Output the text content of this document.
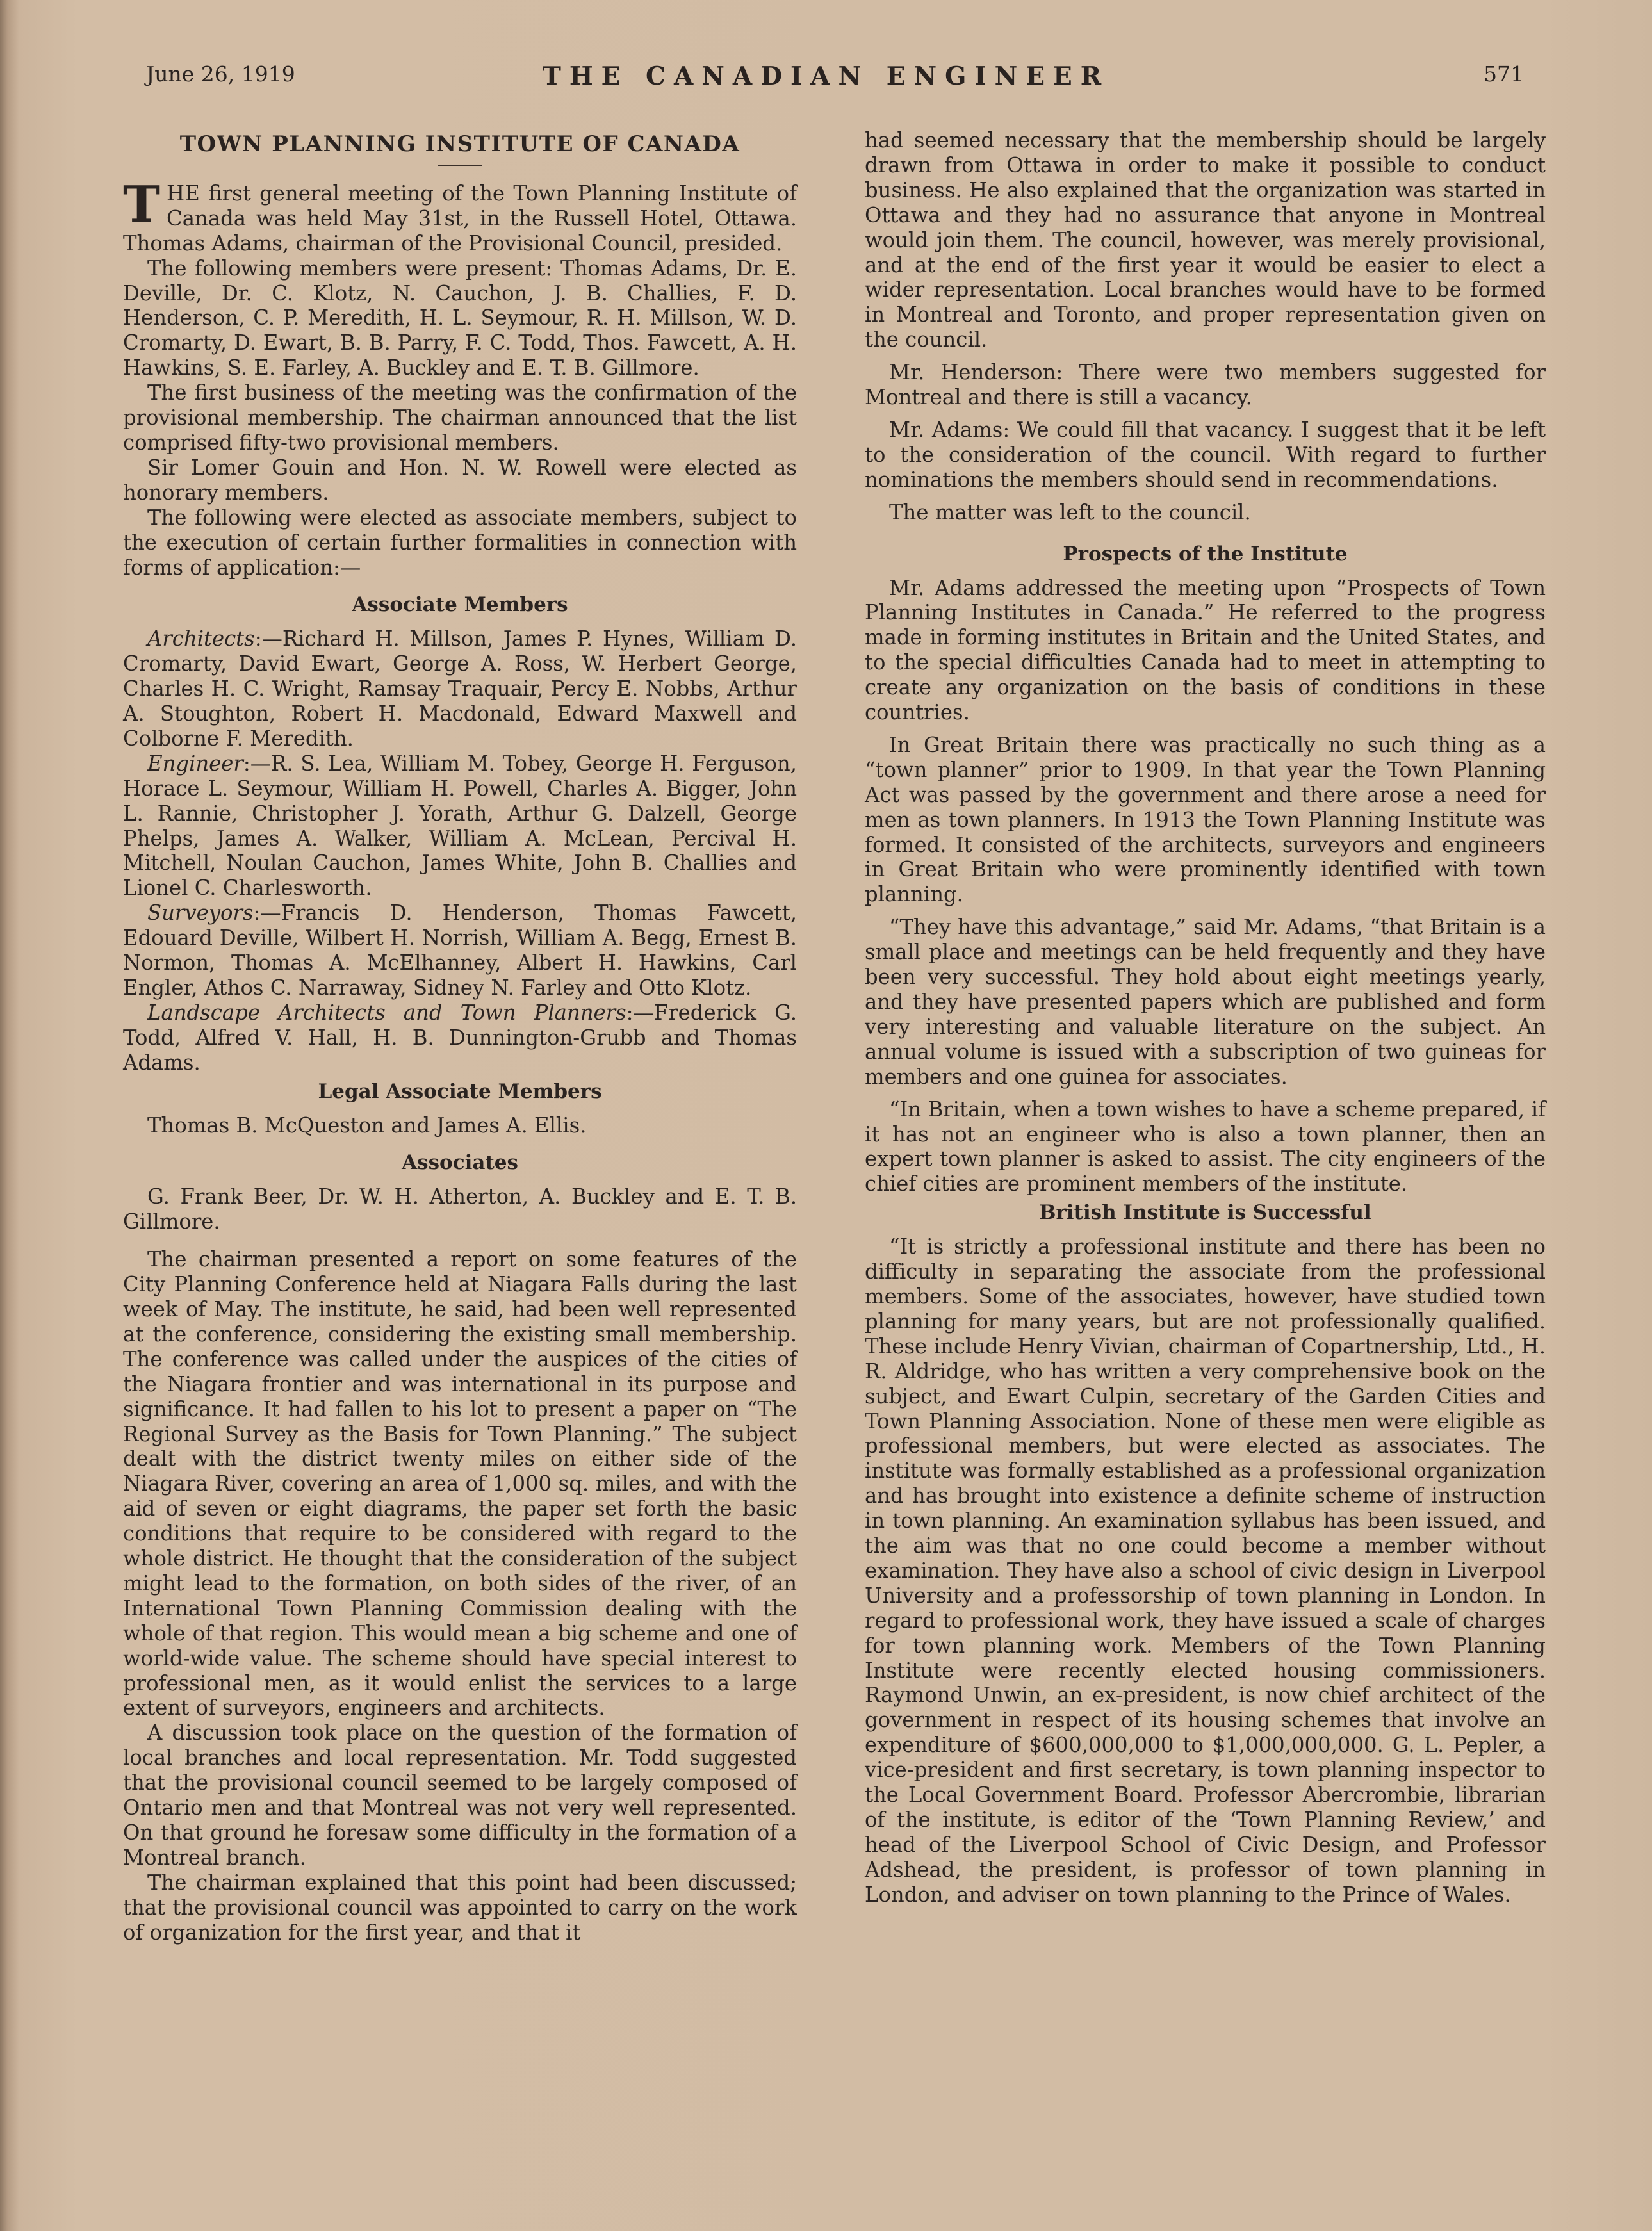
June 26, 1919	THE CANADIAN ENGINEER	571
TOWN PLANNING INSTITUTE OF CANADA

THE first general meeting of the Town Planning Institute of Canada was held May 31st, in the Russell Hotel, Ottawa. Thomas Adams, chairman of the Provisional Council, presided.

The following members were present: Thomas Adams, Dr. E. Deville, Dr. C. Klotz, N. Cauchon, J. B. Challies, F. D. Henderson, C. P. Meredith, H. L. Seymour, R. H. Millson, W. D. Cromarty, D. Ewart, B. B. Parry, F. C. Todd, Thos. Fawcett, A. H. Hawkins, S. E. Farley, A. Buckley and E. T. B. Gillmore.

The first business of the meeting was the confirmation of the provisional membership. The chairman announced that the list comprised fifty-two provisional members.

Sir Lomer Gouin and Hon. N. W. Rowell were elected as honorary members.

The following were elected as associate members, subject to the execution of certain further formalities in connection with forms of application:—

Associate Members

Architects:—Richard H. Millson, James P. Hynes, William D. Cromarty, David Ewart, George A. Ross, W. Herbert George, Charles H. C. Wright, Ramsay Traquair, Percy E. Nobbs, Arthur A. Stoughton, Robert H. Macdonald, Edward Maxwell and Colborne F. Meredith.

Engineer:—R. S. Lea, William M. Tobey, George H. Ferguson, Horace L. Seymour, William H. Powell, Charles A. Bigger, John L. Rannie, Christopher J. Yorath, Arthur G. Dalzell, George Phelps, James A. Walker, William A. McLean, Percival H. Mitchell, Noulan Cauchon, James White, John B. Challies and Lionel C. Charlesworth.

Surveyors:—Francis D. Henderson, Thomas Fawcett, Edouard Deville, Wilbert H. Norrish, William A. Begg, Ernest B. Normon, Thomas A. McElhanney, Albert H. Hawkins, Carl Engler, Athos C. Narraway, Sidney N. Farley and Otto Klotz.

Landscape Architects and Town Planners:—Frederick G. Todd, Alfred V. Hall, H. B. Dunnington-Grubb and Thomas Adams.

Legal Associate Members

Thomas B. McQueston and James A. Ellis.

Associates

G. Frank Beer, Dr. W. H. Atherton, A. Buckley and E. T. B. Gillmore.

The chairman presented a report on some features of the City Planning Conference held at Niagara Falls during the last week of May. The institute, he said, had been well represented at the conference, considering the existing small membership. The conference was called under the auspices of the cities of the Niagara frontier and was international in its purpose and significance. It had fallen to his lot to present a paper on “The Regional Survey as the Basis for Town Planning.” The subject dealt with the district twenty miles on either side of the Niagara River, covering an area of 1,000 sq. miles, and with the aid of seven or eight diagrams, the paper set forth the basic conditions that require to be considered with regard to the whole district. He thought that the consideration of the subject might lead to the formation, on both sides of the river, of an International Town Planning Commission dealing with the whole of that region. This would mean a big scheme and one of world-wide value. The scheme should have special interest to professional men, as it would enlist the services to a large extent of surveyors, engineers and architects.

A discussion took place on the question of the formation of local branches and local representation. Mr. Todd suggested that the provisional council seemed to be largely composed of Ontario men and that Montreal was not very well represented. On that ground he foresaw some difficulty in the formation of a Montreal branch.

The chairman explained that this point had been discussed; that the provisional council was appointed to carry on the work of organization for the first year, and that it

had seemed necessary that the membership should be largely drawn from Ottawa in order to make it possible to conduct business. He also explained that the organization was started in Ottawa and they had no assurance that anyone in Montreal would join them. The council, however, was merely provisional, and at the end of the first year it would be easier to elect a wider representation. Local branches would have to be formed in Montreal and Toronto, and proper representation given on the council.

Mr. Henderson: There were two members suggested for Montreal and there is still a vacancy.

Mr. Adams: We could fill that vacancy. I suggest that it be left to the consideration of the council. With regard to further nominations the members should send in recommendations.

The matter was left to the council.

Prospects of the Institute

Mr. Adams addressed the meeting upon “Prospects of Town Planning Institutes in Canada.” He referred to the progress made in forming institutes in Britain and the United States, and to the special difficulties Canada had to meet in attempting to create any organization on the basis of conditions in these countries.

In Great Britain there was practically no such thing as a “town planner” prior to 1909. In that year the Town Planning Act was passed by the government and there arose a need for men as town planners. In 1913 the Town Planning Institute was formed. It consisted of the architects, surveyors and engineers in Great Britain who were prominently identified with town planning.

“They have this advantage,” said Mr. Adams, “that Britain is a small place and meetings can be held frequently and they have been very successful. They hold about eight meetings yearly, and they have presented papers which are published and form very interesting and valuable literature on the subject. An annual volume is issued with a subscription of two guineas for members and one guinea for associates.

“In Britain, when a town wishes to have a scheme prepared, if it has not an engineer who is also a town planner, then an expert town planner is asked to assist. The city engineers of the chief cities are prominent members of the institute.

British Institute is Successful

“It is strictly a professional institute and there has been no difficulty in separating the associate from the professional members. Some of the associates, however, have studied town planning for many years, but are not professionally qualified. These include Henry Vivian, chairman of Copartnership, Ltd., H. R. Aldridge, who has written a very comprehensive book on the subject, and Ewart Culpin, secretary of the Garden Cities and Town Planning Association. None of these men were eligible as professional members, but were elected as associates. The institute was formally established as a professional organization and has brought into existence a definite scheme of instruction in town planning. An examination syllabus has been issued, and the aim was that no one could become a member without examination. They have also a school of civic design in Liverpool University and a professorship of town planning in London. In regard to professional work, they have issued a scale of charges for town planning work. Members of the Town Planning Institute were recently elected housing commissioners. Raymond Unwin, an ex-president, is now chief architect of the government in respect of its housing schemes that involve an expenditure of $600,000,000 to $1,000,000,000. G. L. Pepler, a vice-president and first secretary, is town planning inspector to the Local Government Board. Professor Abercrombie, librarian of the institute, is editor of the ‘Town Planning Review,’ and head of the Liverpool School of Civic Design, and Professor Adshead, the president, is professor of town planning in London, and adviser on town planning to the Prince of Wales.
